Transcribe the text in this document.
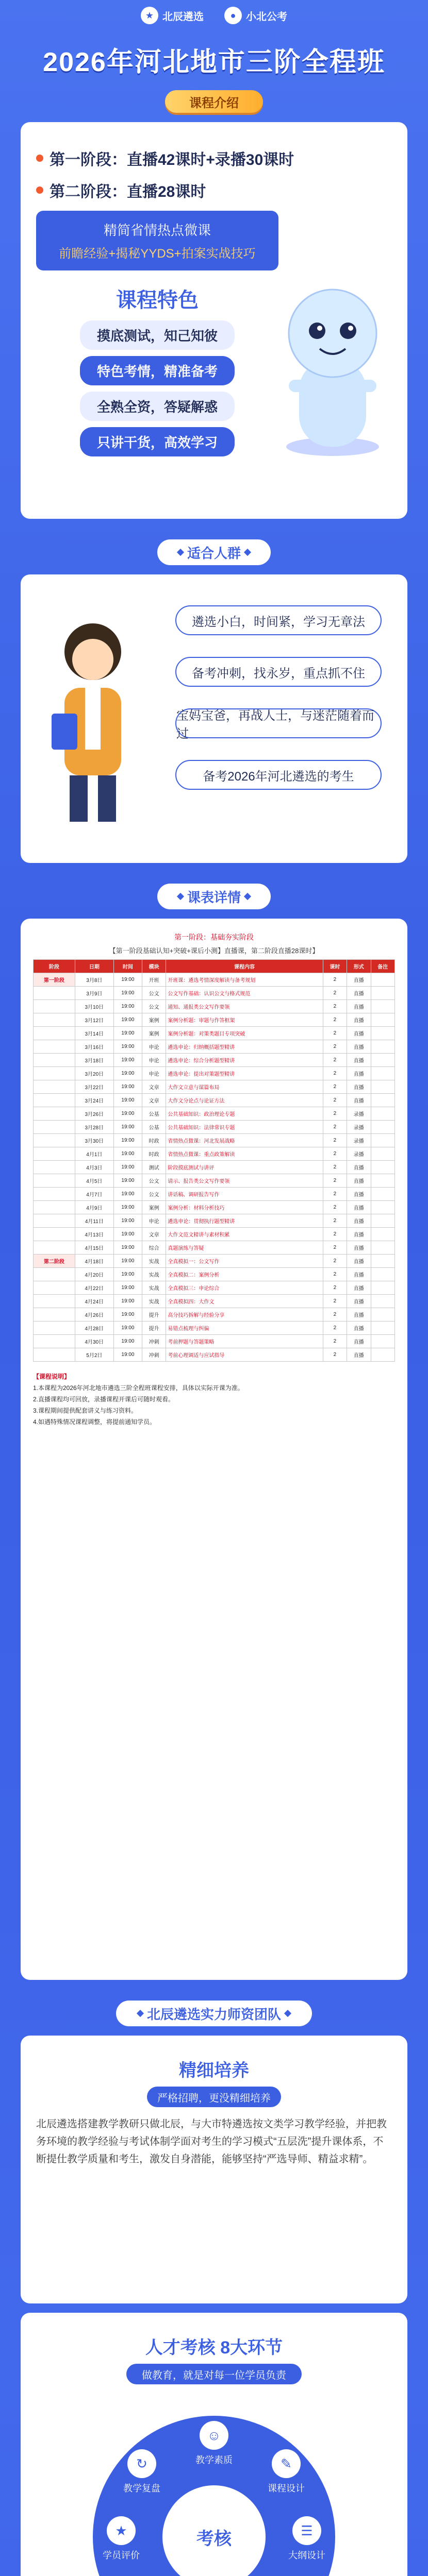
★ 北辰遴选	● 小北公考
2026年河北地市三阶全程班
课程介绍
第一阶段：直播42课时+录播30课时
第二阶段：直播28课时
精简省情热点微课
前瞻经验+揭秘YYDS+拍案实战技巧
课程特色
摸底测试，知己知彼
特色考情，精准备考
全熟全资，答疑解惑
只讲干货，高效学习
适合人群
遴选小白，时间紧，学习无章法
备考冲刺，找永岁，重点抓不住
宝妈宝爸，再战人士，与迷茫随着而过
备考2026年河北遴选的考生
课表详情
第一阶段：基础夯实阶段
【第一阶段基础认知+突破+课后小测】直播课，第二阶段直播28课时】
阶段	日期	时间	模块	课程内容	课时	形式	备注
第一阶段	3月8日	19:00	开班	开班课：遴选考情深度解读与备考规划	2	直播	
	3月9日	19:00	公文	公文写作基础：认识公文与格式规范	2	直播	
	3月10日	19:00	公文	通知、通报类公文写作要领	2	直播	
	3月12日	19:00	案例	案例分析题：审题与作答框架	2	直播	
	3月14日	19:00	案例	案例分析题：对策类题目专项突破	2	直播	
	3月16日	19:00	申论	遴选申论：归纳概括题型精讲	2	直播	
	3月18日	19:00	申论	遴选申论：综合分析题型精讲	2	直播	
	3月20日	19:00	申论	遴选申论：提出对策题型精讲	2	直播	
	3月22日	19:00	文章	大作文立意与谋篇布局	2	直播	
	3月24日	19:00	文章	大作文分论点与论证方法	2	直播	
	3月26日	19:00	公基	公共基础知识：政治理论专题	2	录播	
	3月28日	19:00	公基	公共基础知识：法律常识专题	2	录播	
	3月30日	19:00	时政	省情热点微课：河北发展战略	2	录播	
	4月1日	19:00	时政	省情热点微课：重点政策解读	2	录播	
	4月3日	19:00	测试	阶段摸底测试与讲评	2	直播	
	4月5日	19:00	公文	请示、报告类公文写作要领	2	直播	
	4月7日	19:00	公文	讲话稿、调研报告写作	2	直播	
	4月9日	19:00	案例	案例分析：材料分析技巧	2	直播	
	4月11日	19:00	申论	遴选申论：贯彻执行题型精讲	2	直播	
	4月13日	19:00	文章	大作文范文精讲与素材积累	2	直播	
	4月15日	19:00	综合	真题演练与答疑	2	直播	
第二阶段	4月18日	19:00	实战	全真模拟一：公文写作	2	直播	
	4月20日	19:00	实战	全真模拟二：案例分析	2	直播	
	4月22日	19:00	实战	全真模拟三：申论综合	2	直播	
	4月24日	19:00	实战	全真模拟四：大作文	2	直播	
	4月26日	19:00	提升	高分技巧拆解与经验分享	2	直播	
	4月28日	19:00	提升	易错点梳理与纠偏	2	直播	
	4月30日	19:00	冲刺	考前押题与答题策略	2	直播	
	5月2日	19:00	冲刺	考前心理调适与应试指导	2	直播	
【课程说明】
1.本课程为2026年河北地市遴选三阶全程班课程安排，具体以实际开课为准。
2.直播课程均可回放，录播课程开课后可随时观看。
3.课程期间提供配套讲义与练习资料。
4.如遇特殊情况课程调整，将提前通知学员。
北辰遴选实力师资团队
精细培养
严格招聘，更没精细培养
北辰遴选搭建教学教研只做北辰，与大市特遴选按文类学习教学经验，并把教务环境的教学经验与考试体制学面对考生的学习模式“五层洗”提升课体系，不断提仕教学质量和考生，激发自身潜能，能够坚持“严选导师、精益求精”。
人才考核 8大环节
做教育，就是对每一位学员负责
考核
☺
教学素质	✎
课程设计
☰
大纲设计
★
学员评价
↻
教学复盘
